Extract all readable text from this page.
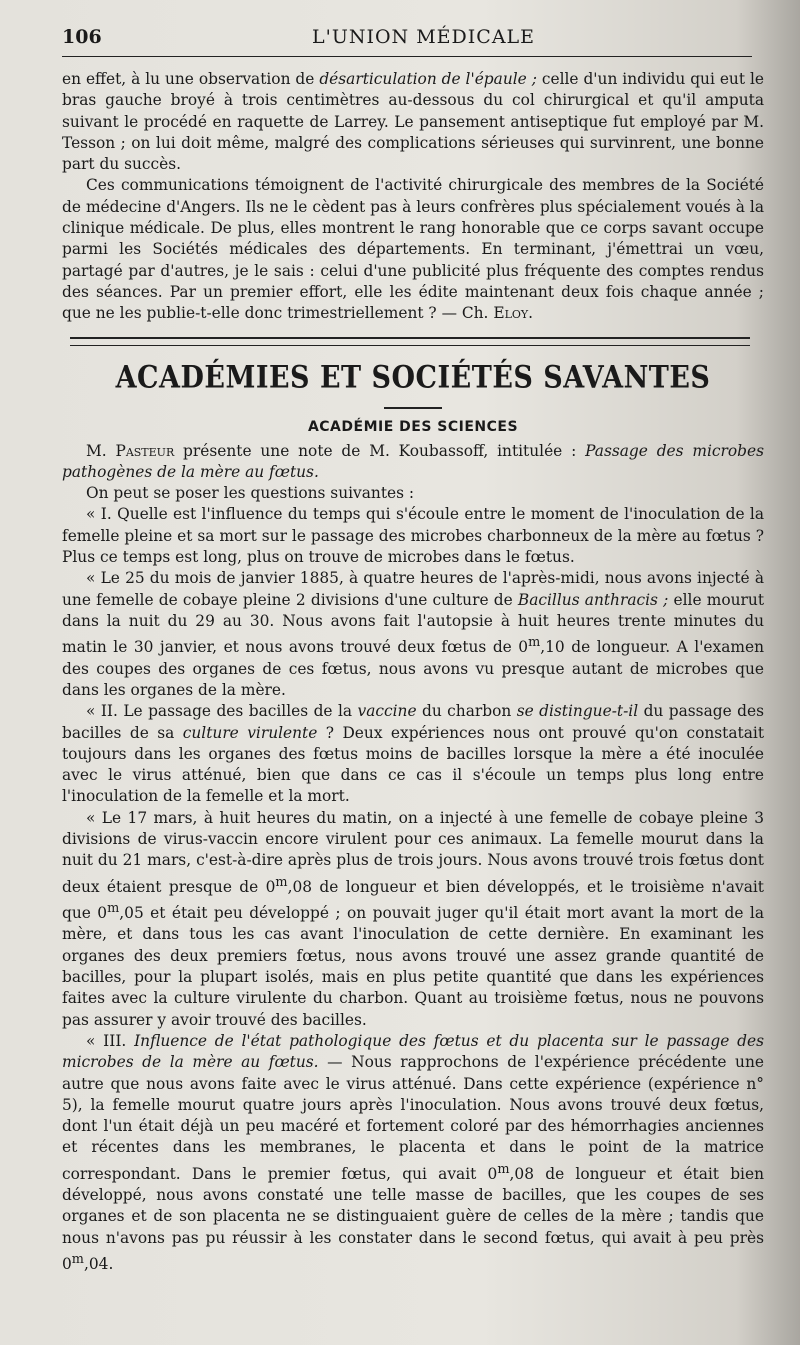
106	L'UNION MÉDICALE

en effet, à lu une observation de désarticulation de l'épaule ; celle d'un individu qui eut le bras gauche broyé à trois centimètres au-dessous du col chirurgical et qu'il amputa suivant le procédé en raquette de Larrey. Le pansement antiseptique fut employé par M. Tesson ; on lui doit même, malgré des complications sérieuses qui survinrent, une bonne part du succès.

Ces communications témoignent de l'activité chirurgicale des membres de la Société de médecine d'Angers. Ils ne le cèdent pas à leurs confrères plus spécialement voués à la clinique médicale. De plus, elles montrent le rang honorable que ce corps savant occupe parmi les Sociétés médicales des départements. En terminant, j'émettrai un vœu, partagé par d'autres, je le sais : celui d'une publicité plus fréquente des comptes rendus des séances. Par un premier effort, elle les édite maintenant deux fois chaque année ; que ne les publie-t-elle donc trimestriellement ? — Ch. Eloy.

ACADÉMIES ET SOCIÉTÉS SAVANTES
ACADÉMIE DES SCIENCES

M. Pasteur présente une note de M. Koubassoff, intitulée : Passage des microbes pathogènes de la mère au fœtus.

On peut se poser les questions suivantes :

« I. Quelle est l'influence du temps qui s'écoule entre le moment de l'inoculation de la femelle pleine et sa mort sur le passage des microbes charbonneux de la mère au fœtus ? Plus ce temps est long, plus on trouve de microbes dans le fœtus.

« Le 25 du mois de janvier 1885, à quatre heures de l'après-midi, nous avons injecté à une femelle de cobaye pleine 2 divisions d'une culture de Bacillus anthracis ; elle mourut dans la nuit du 29 au 30. Nous avons fait l'autopsie à huit heures trente minutes du matin le 30 janvier, et nous avons trouvé deux fœtus de 0$^m$,10 de longueur. A l'examen des coupes des organes de ces fœtus, nous avons vu presque autant de microbes que dans les organes de la mère.

« II. Le passage des bacilles de la vaccine du charbon se distingue-t-il du passage des bacilles de sa culture virulente ? Deux expériences nous ont prouvé qu'on constatait toujours dans les organes des fœtus moins de bacilles lorsque la mère a été inoculée avec le virus atténué, bien que dans ce cas il s'écoule un temps plus long entre l'inoculation de la femelle et la mort.

« Le 17 mars, à huit heures du matin, on a injecté à une femelle de cobaye pleine 3 divisions de virus-vaccin encore virulent pour ces animaux. La femelle mourut dans la nuit du 21 mars, c'est-à-dire après plus de trois jours. Nous avons trouvé trois fœtus dont deux étaient presque de 0$^m$,08 de longueur et bien développés, et le troisième n'avait que 0$^m$,05 et était peu développé ; on pouvait juger qu'il était mort avant la mort de la mère, et dans tous les cas avant l'inoculation de cette dernière. En examinant les organes des deux premiers fœtus, nous avons trouvé une assez grande quantité de bacilles, pour la plupart isolés, mais en plus petite quantité que dans les expériences faites avec la culture virulente du charbon. Quant au troisième fœtus, nous ne pouvons pas assurer y avoir trouvé des bacilles.

« III. Influence de l'état pathologique des fœtus et du placenta sur le passage des microbes de la mère au fœtus. — Nous rapprochons de l'expérience précédente une autre que nous avons faite avec le virus atténué. Dans cette expérience (expérience n° 5), la femelle mourut quatre jours après l'inoculation. Nous avons trouvé deux fœtus, dont l'un était déjà un peu macéré et fortement coloré par des hémorrhagies anciennes et récentes dans les membranes, le placenta et dans le point de la matrice correspondant. Dans le premier fœtus, qui avait 0$^m$,08 de longueur et était bien développé, nous avons constaté une telle masse de bacilles, que les coupes de ses organes et de son placenta ne se distinguaient guère de celles de la mère ; tandis que nous n'avons pas pu réussir à les constater dans le second fœtus, qui avait à peu près 0$^m$,04.
